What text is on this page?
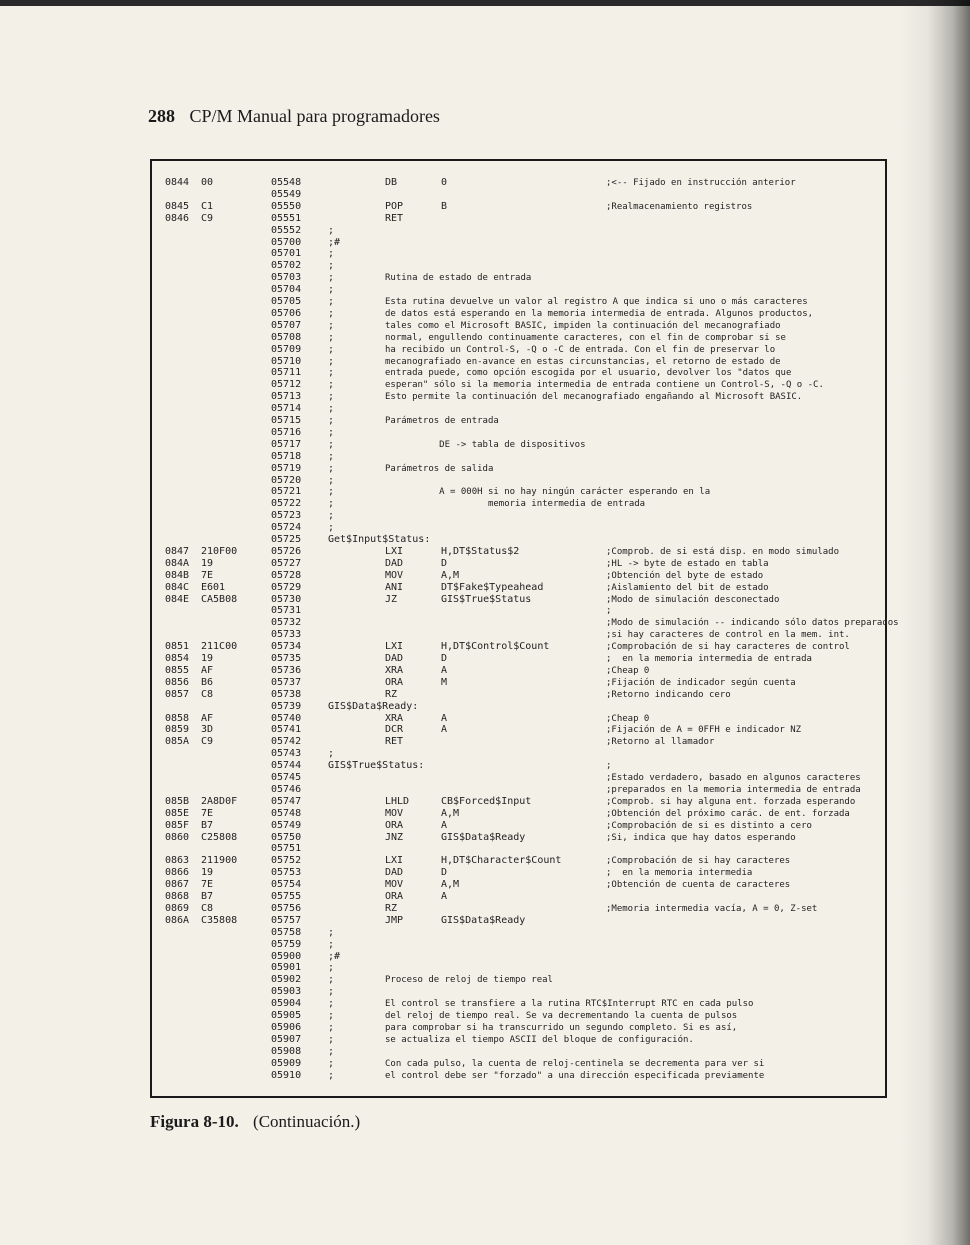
288 CP/M Manual para programadores
0844 00	05548	DB	0	;<-- Fijado en instrucción anterior
05549
0845 C1	05550	POP	B	;Realmacenamiento registros
0846 C9	05551	RET
05552	;
05700	;#
05701	;
05702	;
05703	;	Rutina de estado de entrada
05704	;
05705	;	Esta rutina devuelve un valor al registro A que indica si uno o más caracteres
05706	;	de datos está esperando en la memoria intermedia de entrada. Algunos productos,
05707	;	tales como el Microsoft BASIC, impiden la continuación del mecanografiado
05708	;	normal, engullendo continuamente caracteres, con el fin de comprobar si se
05709	;	ha recibido un Control-S, -Q o -C de entrada. Con el fin de preservar lo
05710	;	mecanografiado en-avance en estas circunstancias, el retorno de estado de
05711	;	entrada puede, como opción escogida por el usuario, devolver los "datos que
05712	;	esperan" sólo si la memoria intermedia de entrada contiene un Control-S, -Q o -C.
05713	;	Esto permite la continuación del mecanografiado engañando al Microsoft BASIC.
05714	;
05715	;	Parámetros de entrada
05716	;
05717	;	DE -> tabla de dispositivos
05718	;
05719	;	Parámetros de salida
05720	;
05721	;	A = 000H si no hay ningún carácter esperando en la
05722	;	memoria intermedia de entrada
05723	;
05724	;
05725	Get$Input$Status:
0847 210F00	05726	LXI	H,DT$Status$2	;Comprob. de si está disp. en modo simulado
084A 19	05727	DAD	D	;HL -> byte de estado en tabla
084B 7E	05728	MOV	A,M	;Obtención del byte de estado
084C E601	05729	ANI	DT$Fake$Typeahead	;Aislamiento del bit de estado
084E CA5B08	05730	JZ	GIS$True$Status	;Modo de simulación desconectado
05731	;
05732	;Modo de simulación -- indicando sólo datos preparados
05733	;si hay caracteres de control en la mem. int.
0851 211C00	05734	LXI	H,DT$Control$Count	;Comprobación de si hay caracteres de control
0854 19	05735	DAD	D	;  en la memoria intermedia de entrada
0855 AF	05736	XRA	A	;Cheap 0
0856 B6	05737	ORA	M	;Fijación de indicador según cuenta
0857 C8	05738	RZ	;Retorno indicando cero
05739	GIS$Data$Ready:
0858 AF	05740	XRA	A	;Cheap 0
0859 3D	05741	DCR	A	;Fijación de A = 0FFH e indicador NZ
085A C9	05742	RET	;Retorno al llamador
05743	;
05744	GIS$True$Status:	;
05745	;Estado verdadero, basado en algunos caracteres
05746	;preparados en la memoria intermedia de entrada
085B 2A8D0F	05747	LHLD	CB$Forced$Input	;Comprob. si hay alguna ent. forzada esperando
085E 7E	05748	MOV	A,M	;Obtención del próximo carác. de ent. forzada
085F B7	05749	ORA	A	;Comprobación de si es distinto a cero
0860 C25808	05750	JNZ	GIS$Data$Ready	;Si, indica que hay datos esperando
05751
0863 211900	05752	LXI	H,DT$Character$Count	;Comprobación de si hay caracteres
0866 19	05753	DAD	D	;  en la memoria intermedia
0867 7E	05754	MOV	A,M	;Obtención de cuenta de caracteres
0868 B7	05755	ORA	A
0869 C8	05756	RZ	;Memoria intermedia vacía, A = 0, Z-set
086A C35808	05757	JMP	GIS$Data$Ready
05758	;
05759	;
05900	;#
05901	;
05902	;	Proceso de reloj de tiempo real
05903	;
05904	;	El control se transfiere a la rutina RTC$Interrupt RTC en cada pulso
05905	;	del reloj de tiempo real. Se va decrementando la cuenta de pulsos
05906	;	para comprobar si ha transcurrido un segundo completo. Si es así,
05907	;	se actualiza el tiempo ASCII del bloque de configuración.
05908	;
05909	;	Con cada pulso, la cuenta de reloj-centinela se decrementa para ver si
05910	;	el control debe ser "forzado" a una dirección especificada previamente
Figura 8-10. (Continuación.)
